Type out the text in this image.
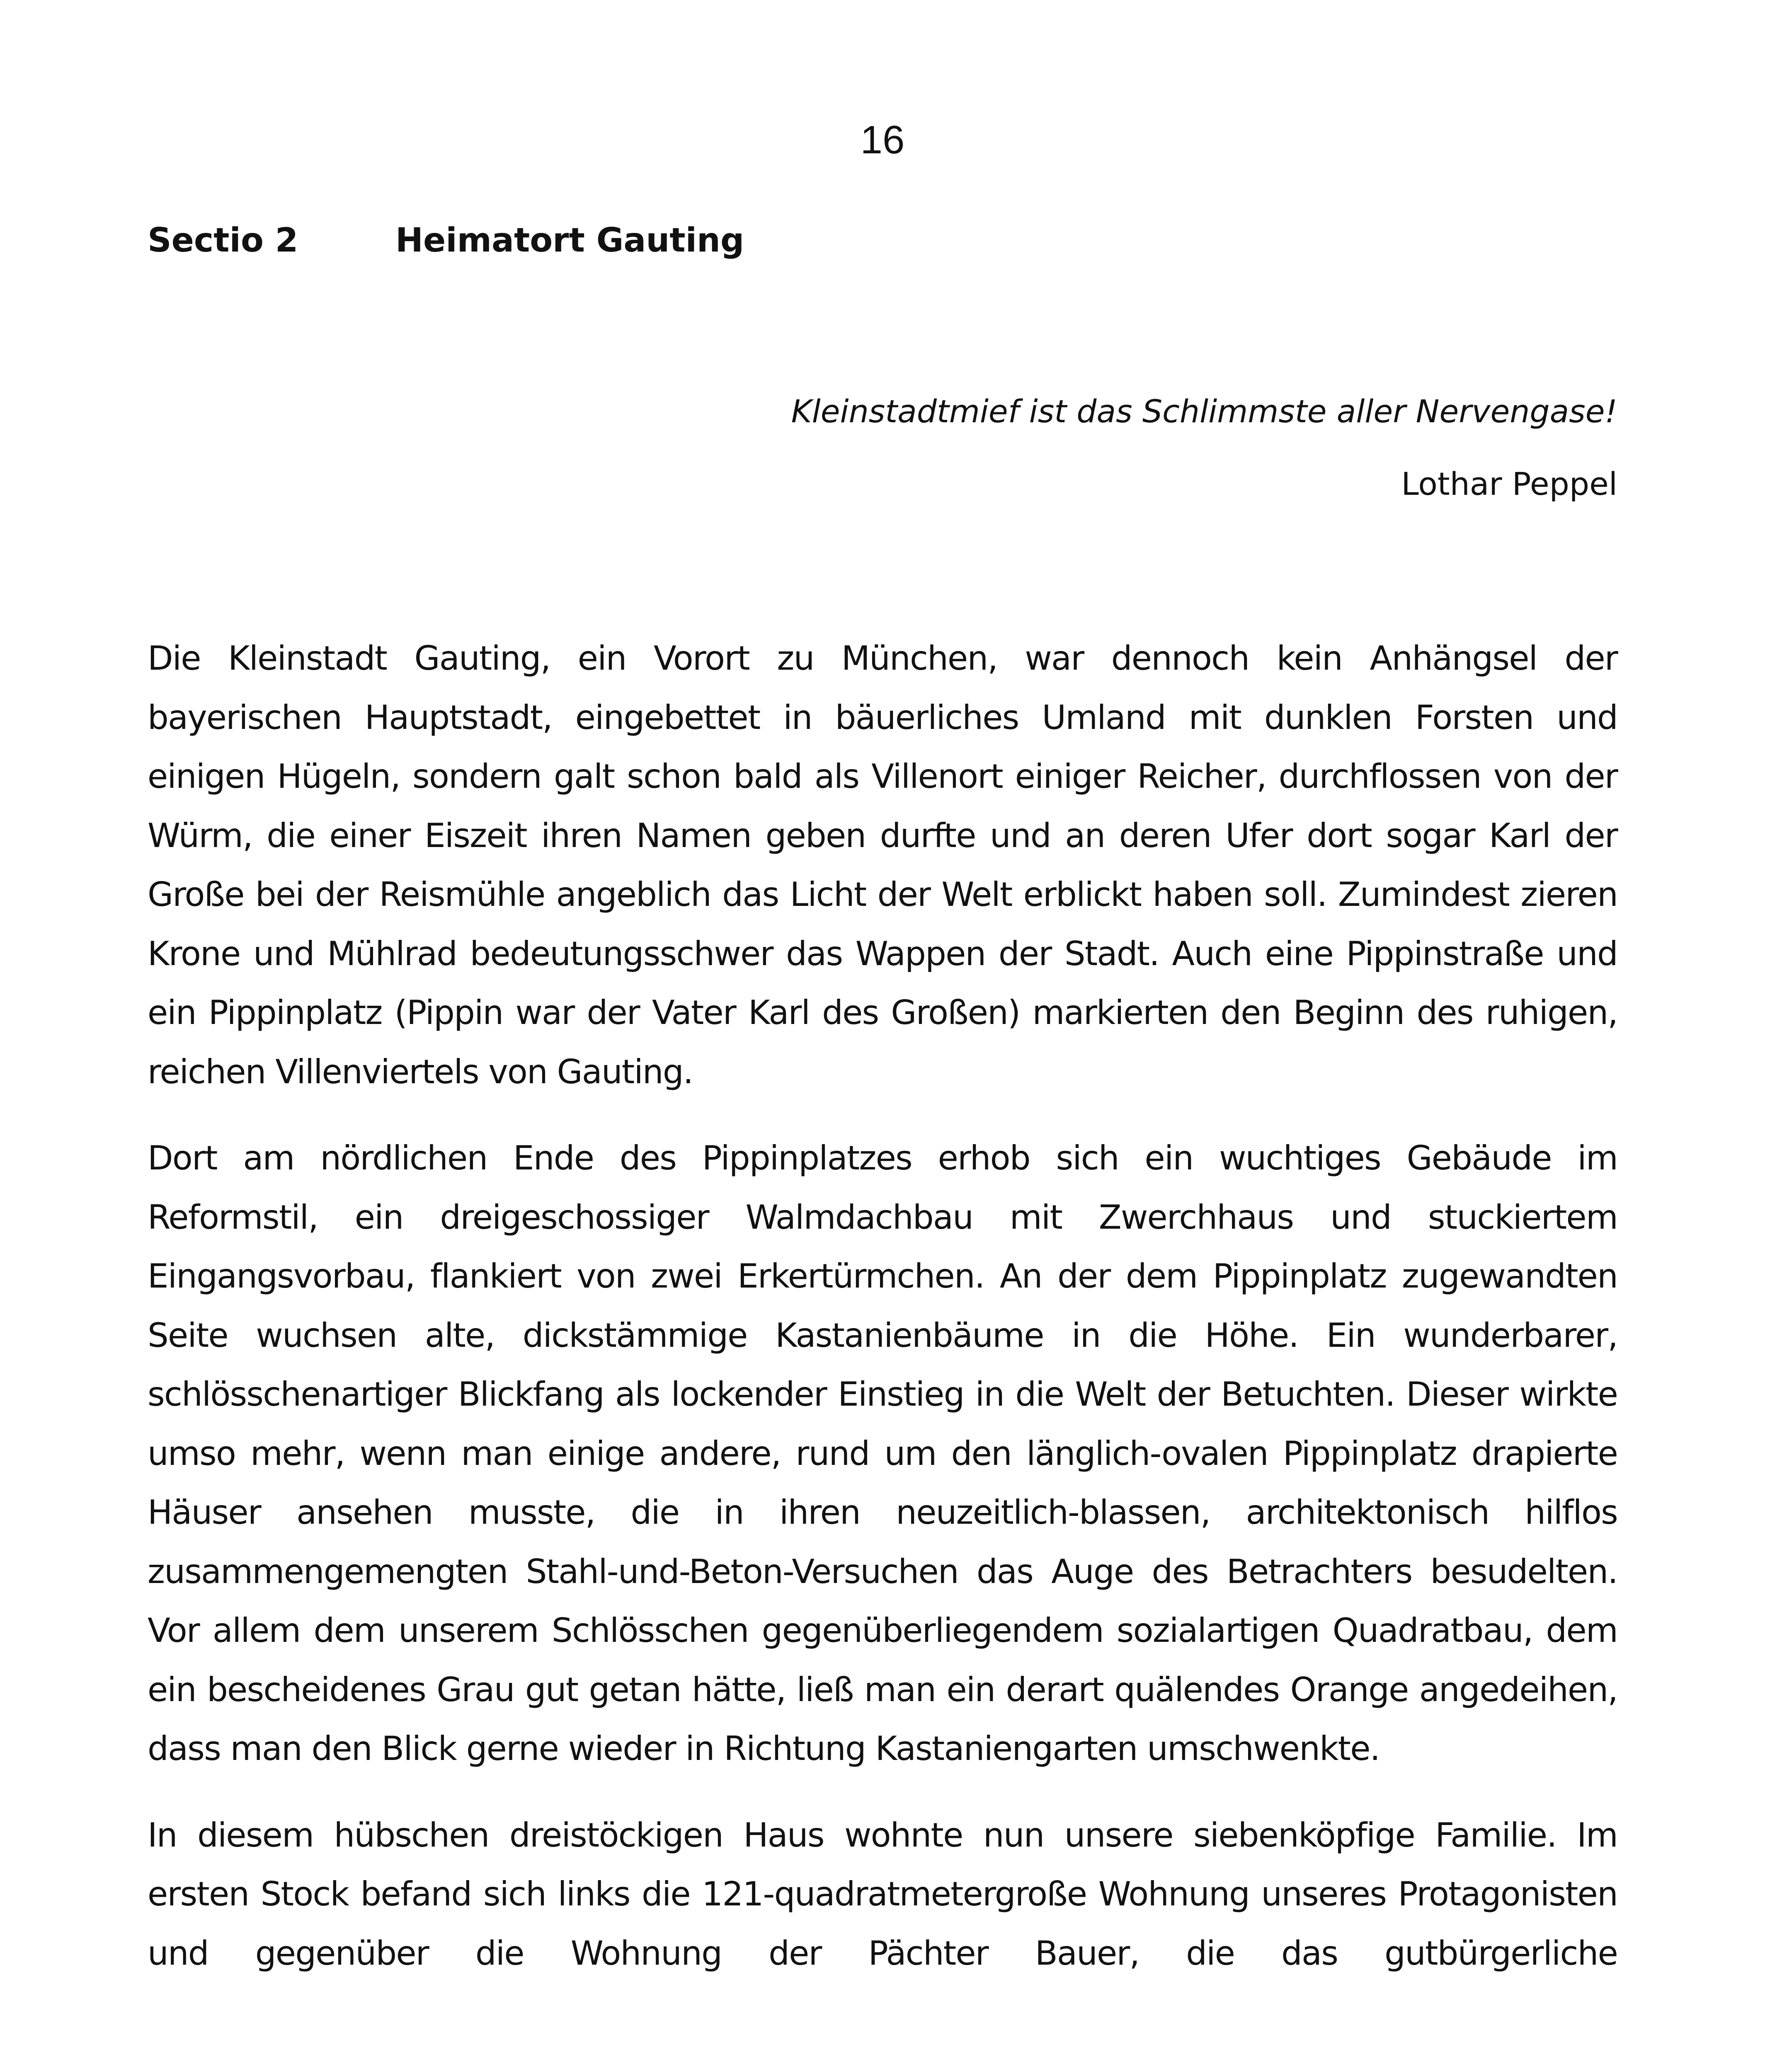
16
Sectio 2	Heimatort Gauting
Kleinstadtmief ist das Schlimmste aller Nervengase!
Lothar Peppel

Die Kleinstadt Gauting, ein Vorort zu München, war dennoch kein Anhängsel der bayerischen Hauptstadt, eingebettet in bäuerliches Umland mit dunklen Forsten und einigen Hügeln, sondern galt schon bald als Villenort einiger Reicher, durchflossen von der Würm, die einer Eiszeit ihren Namen geben durfte und an deren Ufer dort sogar Karl der Große bei der Reismühle angeblich das Licht der Welt erblickt haben soll. Zumindest zieren Krone und Mühlrad bedeutungsschwer das Wappen der Stadt. Auch eine Pippinstraße und ein Pippinplatz (Pippin war der Vater Karl des Großen) markierten den Beginn des ruhigen, reichen Villenviertels von Gauting.

Dort am nördlichen Ende des Pippinplatzes erhob sich ein wuchtiges Gebäude im Reformstil, ein dreigeschossiger Walmdachbau mit Zwerchhaus und stuckiertem Eingangsvorbau, flankiert von zwei Erkertürmchen. An der dem Pippinplatz zugewandten Seite wuchsen alte, dickstämmige Kastanienbäume in die Höhe. Ein wunderbarer, schlösschenartiger Blickfang als lockender Einstieg in die Welt der Betuchten. Dieser wirkte umso mehr, wenn man einige andere, rund um den länglich-ovalen Pippinplatz drapierte Häuser ansehen musste, die in ihren neuzeitlich-blassen, architektonisch hilflos zusammengemengten Stahl-und-Beton-Versuchen das Auge des Betrachters besudelten. Vor allem dem unserem Schlösschen gegenüberliegendem sozialartigen Quadratbau, dem ein bescheidenes Grau gut getan hätte, ließ man ein derart quälendes Orange angedeihen, dass man den Blick gerne wieder in Richtung Kastaniengarten umschwenkte.

In diesem hübschen dreistöckigen Haus wohnte nun unsere siebenköpfige Familie. Im ersten Stock befand sich links die 121-quadratmetergroße Wohnung unseres Protagonisten und gegenüber die Wohnung der Pächter Bauer, die das gutbürgerliche
